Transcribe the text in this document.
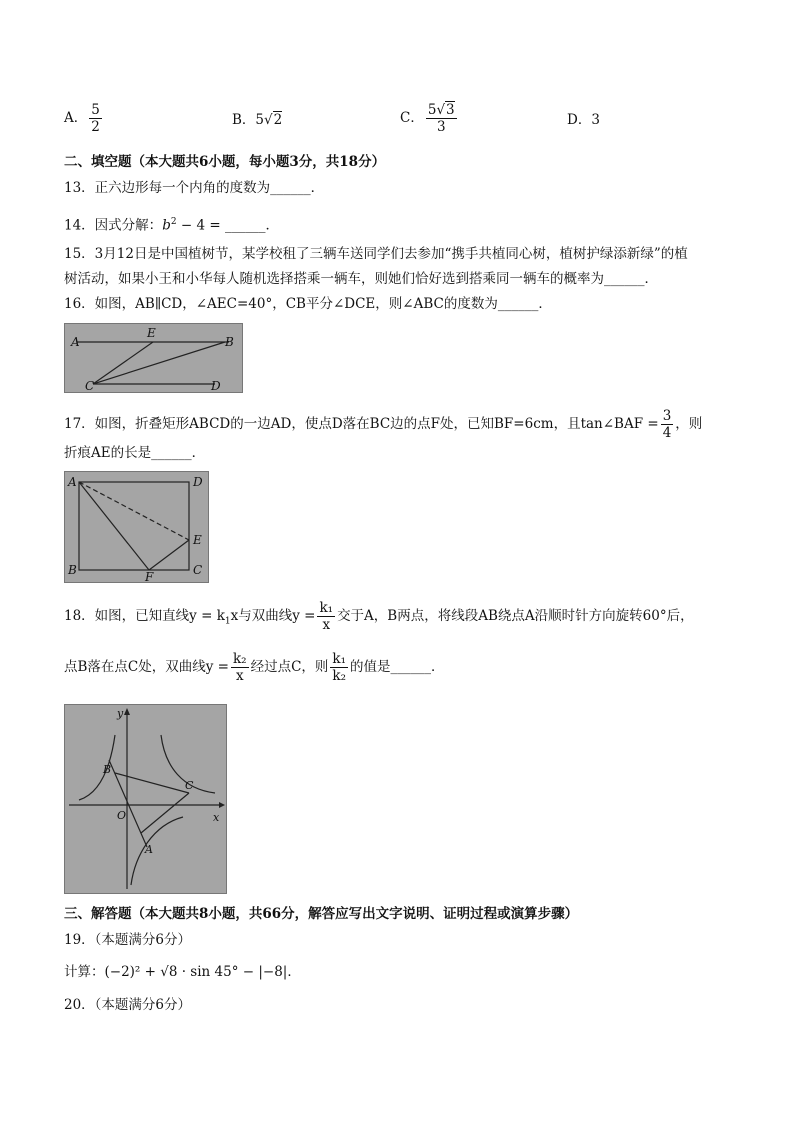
A． $\frac{5}{2}$	B．5√2	C． $\frac{5√3}{3}$	D．3
二、填空题（本大题共6小题，每小题3分，共18分）
13．正六边形每一个内角的度数为______．
14．因式分解：$b^2 - 4$ = ______．
15．3月12日是中国植树节，某学校租了三辆车送同学们去参加“携手共植同心树，植树护绿添新绿”的植
树活动，如果小王和小华每人随机选择搭乘一辆车，则她们恰好选到搭乘同一辆车的概率为______．
16．如图，AB∥CD，∠AEC=40°，CB平分∠DCE，则∠ABC的度数为______．
A
E
B
C	D
17．如图，折叠矩形ABCD的一边AD，使点D落在BC边的点F处，已知BF=6cm，且tan∠BAF = $\frac{3}{4}$ ，则
折痕AE的长是______．
A	D
E
B	F	C
18．如图，已知直线$y = k_1x$与双曲线$y = \frac{\text{k₁}}{x}$ 交于A，B两点，将线段AB绕点A沿顺时针方向旋转60°后，
点B落在点C处，双曲线$y = \frac{\text{k₂}}{x}$ 经过点C，则 $\frac{\text{k₁}}{\text{k₂}}$ 的值是______．
y
x
O
A
B
C
三、解答题（本大题共8小题，共66分，解答应写出文字说明、证明过程或演算步骤）
19．（本题满分6分）
计算：(−2)² + √8 · sin 45° − |−8|．
20．（本题满分6分）
